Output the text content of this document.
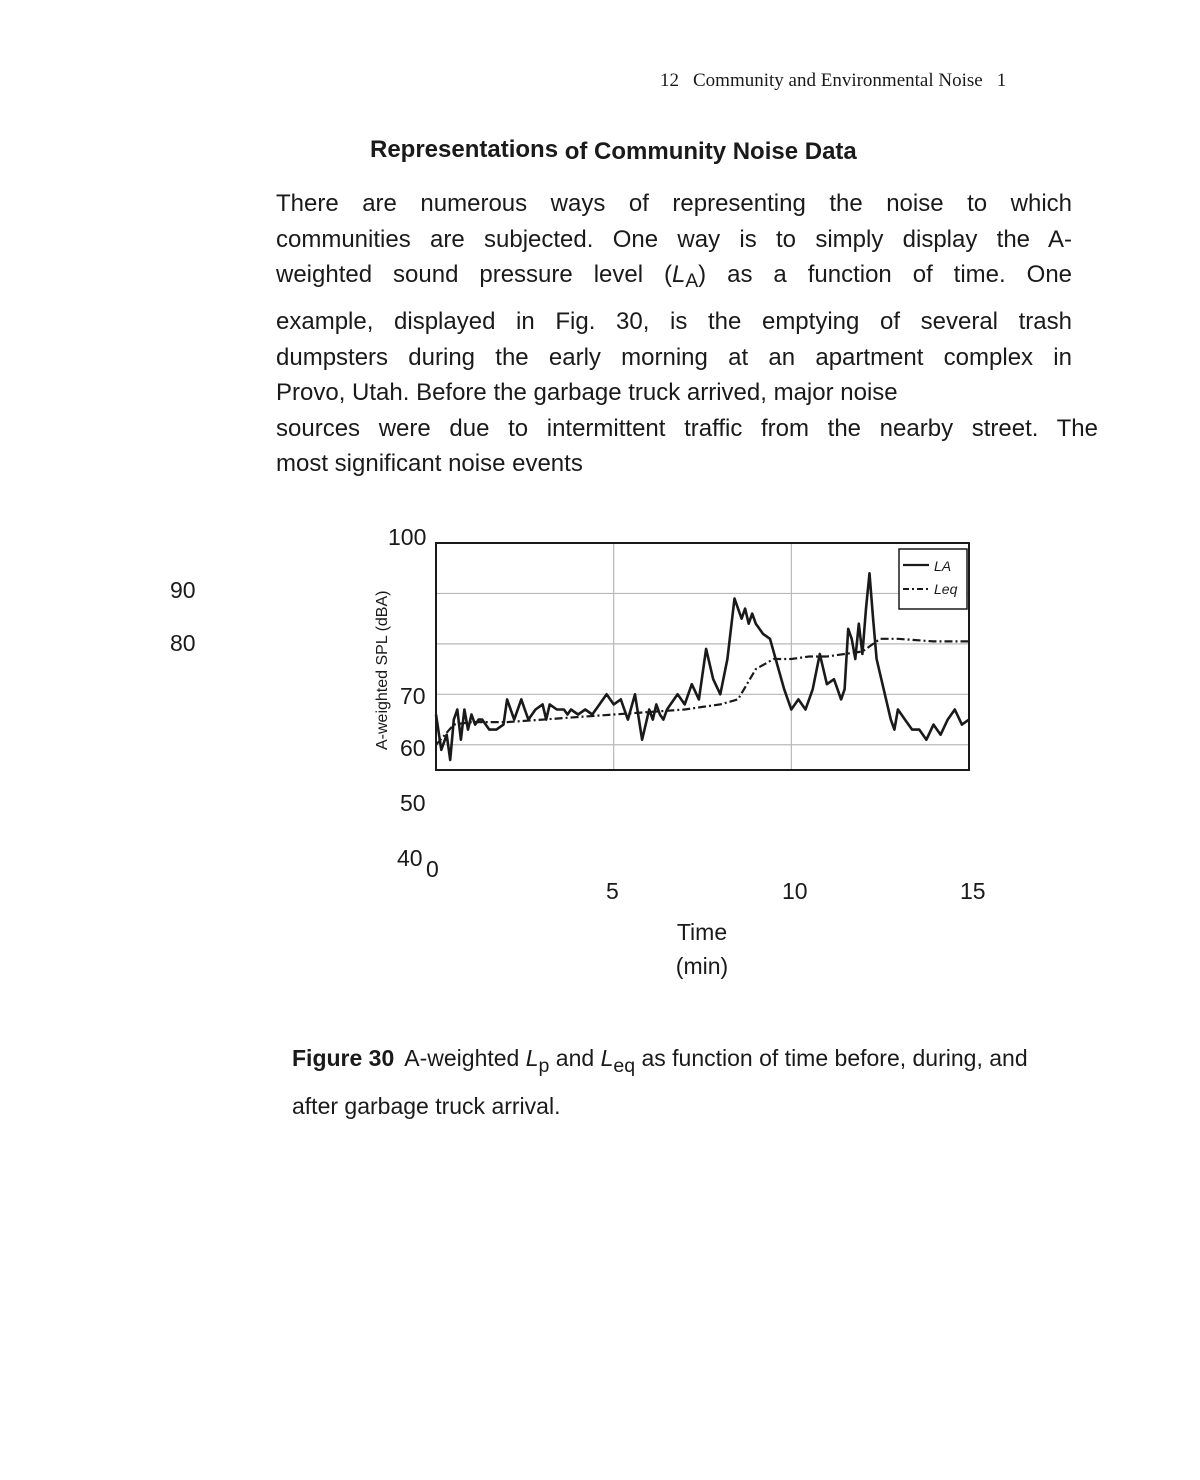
12 Community and Environmental Noise 1
Representations of Community Noise Data
There are numerous ways of representing the noise to which
communities are subjected. One way is to simply display the A-
weighted sound pressure level $(L_A)$ as a function of time. One
example, displayed in Fig. 30, is the emptying of several trash
dumpsters during the early morning at an apartment complex in
Provo, Utah. Before the garbage truck arrived, major noise
sources were due to intermittent traffic from the nearby street. The
most significant noise events
90
80
100
70
60
50
40 0
5	10	15
Time
(min)
A-weighted SPL (dBA)
LA
Leq
Figure 30 A-weighted $L_p$ and $L_{eq}$ as function of time before, during, and after garbage truck arrival.
